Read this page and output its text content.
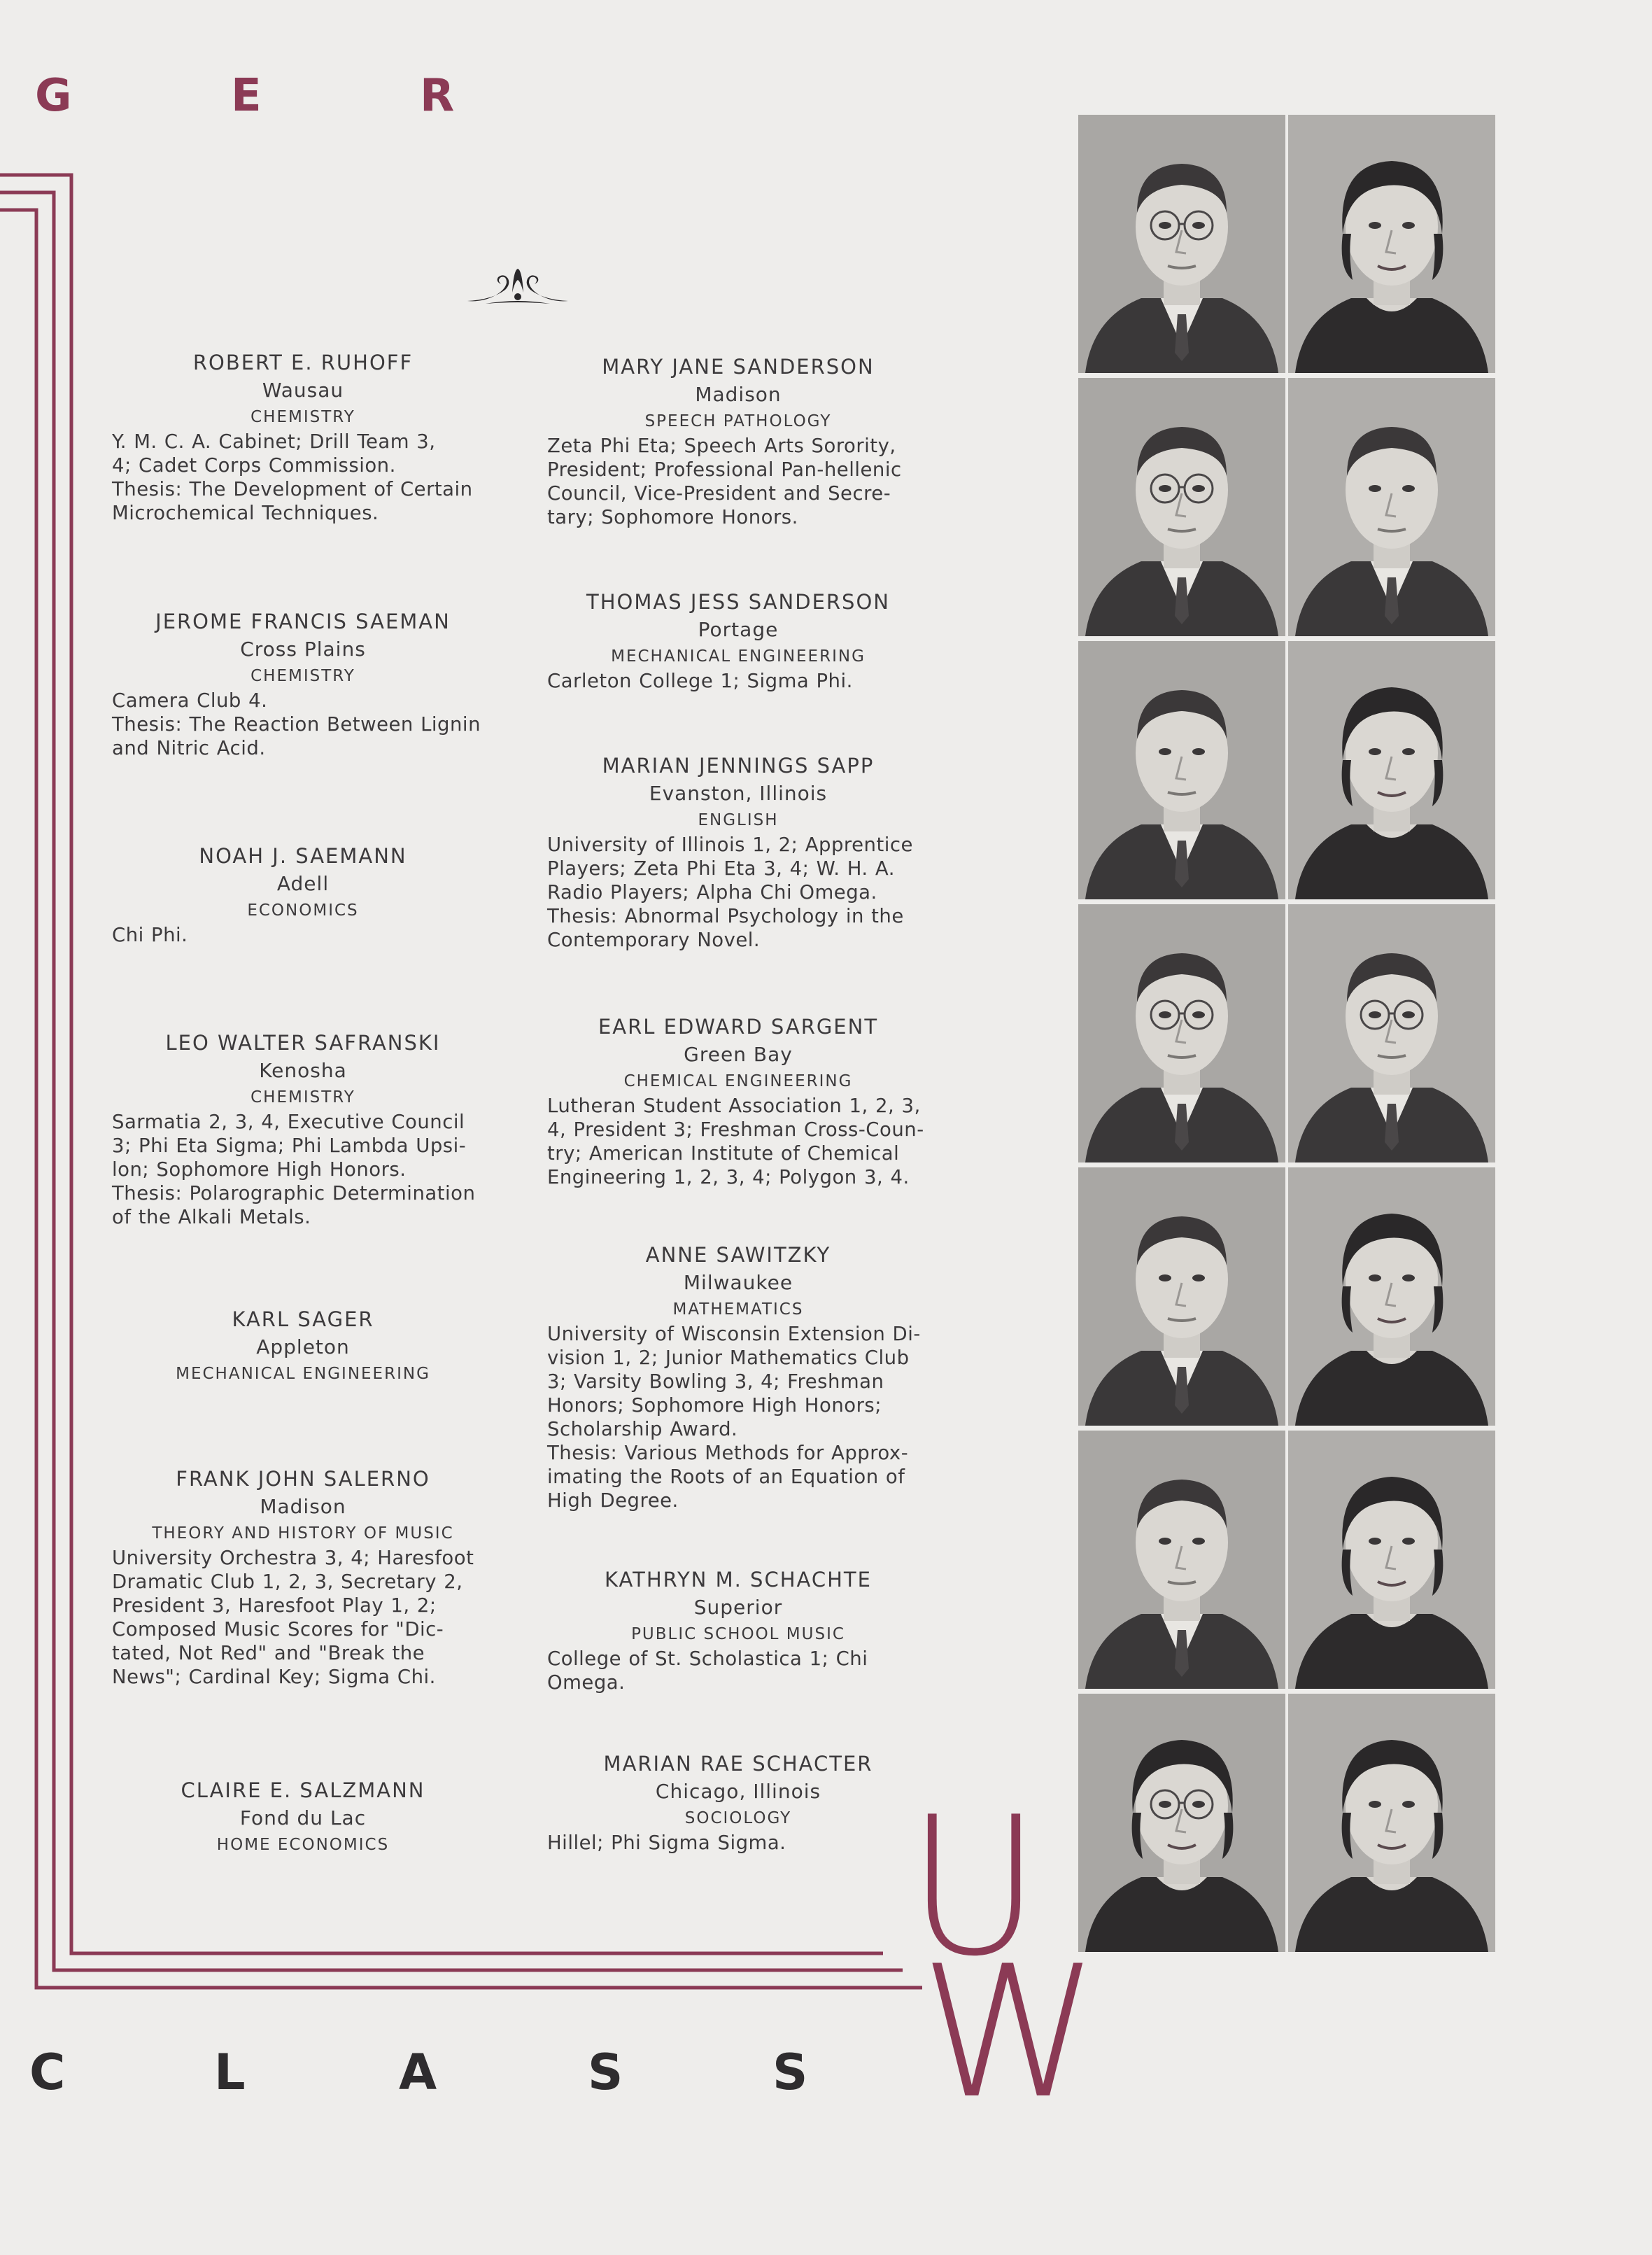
G	E	R
ROBERT E. RUHOFF
Wausau
CHEMISTRY
Y. M. C. A. Cabinet; Drill Team 3,
4; Cadet Corps Commission.
Thesis: The Development of Certain
Microchemical Techniques.
JEROME FRANCIS SAEMAN
Cross Plains
CHEMISTRY
Camera Club 4.
Thesis: The Reaction Between Lignin
and Nitric Acid.
NOAH J. SAEMANN
Adell
ECONOMICS
Chi Phi.
LEO WALTER SAFRANSKI
Kenosha
CHEMISTRY
Sarmatia 2, 3, 4, Executive Council
3; Phi Eta Sigma; Phi Lambda Upsi-
lon; Sophomore High Honors.
Thesis: Polarographic Determination
of the Alkali Metals.
KARL SAGER
Appleton
MECHANICAL ENGINEERING
FRANK JOHN SALERNO
Madison
THEORY AND HISTORY OF MUSIC
University Orchestra 3, 4; Haresfoot
Dramatic Club 1, 2, 3, Secretary 2,
President 3, Haresfoot Play 1, 2;
Composed Music Scores for "Dic-
tated, Not Red" and "Break the
News"; Cardinal Key; Sigma Chi.
CLAIRE E. SALZMANN
Fond du Lac
HOME ECONOMICS
MARY JANE SANDERSON
Madison
SPEECH PATHOLOGY
Zeta Phi Eta; Speech Arts Sorority,
President; Professional Pan-hellenic
Council, Vice-President and Secre-
tary; Sophomore Honors.
THOMAS JESS SANDERSON
Portage
MECHANICAL ENGINEERING
Carleton College 1; Sigma Phi.
MARIAN JENNINGS SAPP
Evanston, Illinois
ENGLISH
University of Illinois 1, 2; Apprentice
Players; Zeta Phi Eta 3, 4; W. H. A.
Radio Players; Alpha Chi Omega.
Thesis: Abnormal Psychology in the
Contemporary Novel.
EARL EDWARD SARGENT
Green Bay
CHEMICAL ENGINEERING
Lutheran Student Association 1, 2, 3,
4, President 3; Freshman Cross-Coun-
try; American Institute of Chemical
Engineering 1, 2, 3, 4; Polygon 3, 4.
ANNE SAWITZKY
Milwaukee
MATHEMATICS
University of Wisconsin Extension Di-
vision 1, 2; Junior Mathematics Club
3; Varsity Bowling 3, 4; Freshman
Honors; Sophomore High Honors;
Scholarship Award.
Thesis: Various Methods for Approx-
imating the Roots of an Equation of
High Degree.
KATHRYN M. SCHACHTE
Superior
PUBLIC SCHOOL MUSIC
College of St. Scholastica 1; Chi
Omega.
MARIAN RAE SCHACTER
Chicago, Illinois
SOCIOLOGY
Hillel; Phi Sigma Sigma. U
W
C	L	A	S	S
